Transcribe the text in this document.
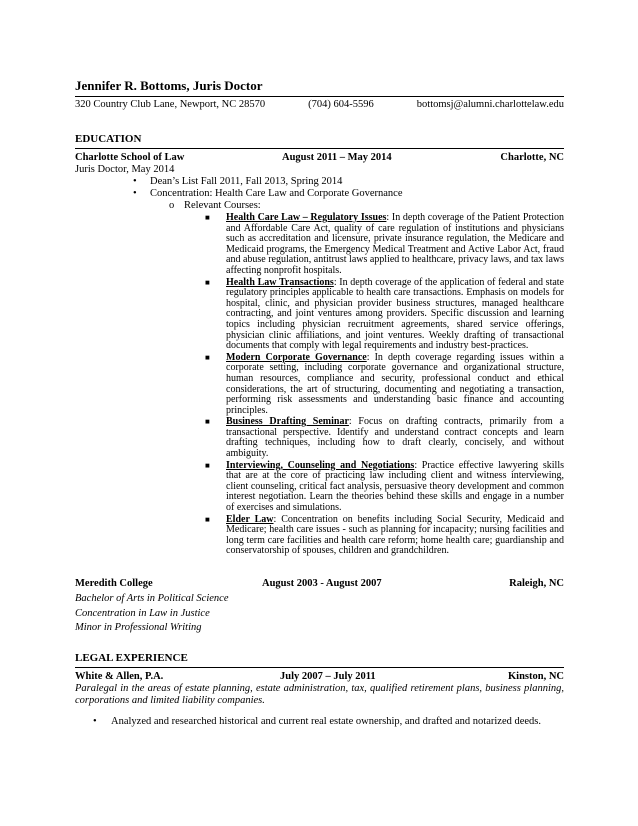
Jennifer R. Bottoms, Juris Doctor
320 Country Club Lane, Newport, NC 28570	(704) 604-5596	bottomsj@alumni.charlottelaw.edu
EDUCATION
Charlotte School of Law	August 2011 – May 2014	Charlotte, NC
Juris Doctor, May 2014
• Dean’s List Fall 2011, Fall 2013, Spring 2014
• Concentration: Health Care Law and Corporate Governance
o Relevant Courses:
■ Health Care Law – Regulatory Issues: In depth coverage of the Patient Protection and Affordable Care Act, quality of care regulation of institutions and physicians such as accreditation and licensure, private insurance regulation, the Medicare and Medicaid programs, the Emergency Medical Treatment and Active Labor Act, fraud and abuse regulation, antitrust laws applied to healthcare, privacy laws, and tax laws affecting nonprofit hospitals.
■ Health Law Transactions: In depth coverage of the application of federal and state regulatory principles applicable to health care transactions. Emphasis on models for hospital, clinic, and physician provider business structures, managed healthcare contracting, and joint ventures among providers. Specific discussion and learning topics including physician recruitment agreements, shared service offerings, physician clinic affiliations, and joint ventures. Weekly drafting of transactional documents that comply with legal requirements and industry best-practices.
■ Modern Corporate Governance: In depth coverage regarding issues within a corporate setting, including corporate governance and organizational structure, human resources, compliance and security, professional conduct and ethical considerations, the art of structuring, documenting and negotiating a transaction, performing risk assessments and understanding basic finance and accounting principles.
■ Business Drafting Seminar: Focus on drafting contracts, primarily from a transactional perspective. Identify and understand contract concepts and learn drafting techniques, including how to draft clearly, concisely, and without ambiguity.
■ Interviewing, Counseling and Negotiations: Practice effective lawyering skills that are at the core of practicing law including client and witness interviewing, client counseling, critical fact analysis, persuasive theory development and common interest negotiation. Learn the theories behind these skills and engage in a number of exercises and simulations.
■ Elder Law: Concentration on benefits including Social Security, Medicaid and Medicare; health care issues - such as planning for incapacity; nursing facilities and long term care facilities and health care reform; home health care; guardianship and conservatorship of spouses, children and grandchildren.
Meredith College	August 2003 - August 2007	Raleigh, NC
Bachelor of Arts in Political Science
Concentration in Law in Justice
Minor in Professional Writing
LEGAL EXPERIENCE
White & Allen, P.A.	July 2007 – July 2011	Kinston, NC
Paralegal in the areas of estate planning, estate administration, tax, qualified retirement plans, business planning, corporations and limited liability companies.
• Analyzed and researched historical and current real estate ownership, and drafted and notarized deeds.
